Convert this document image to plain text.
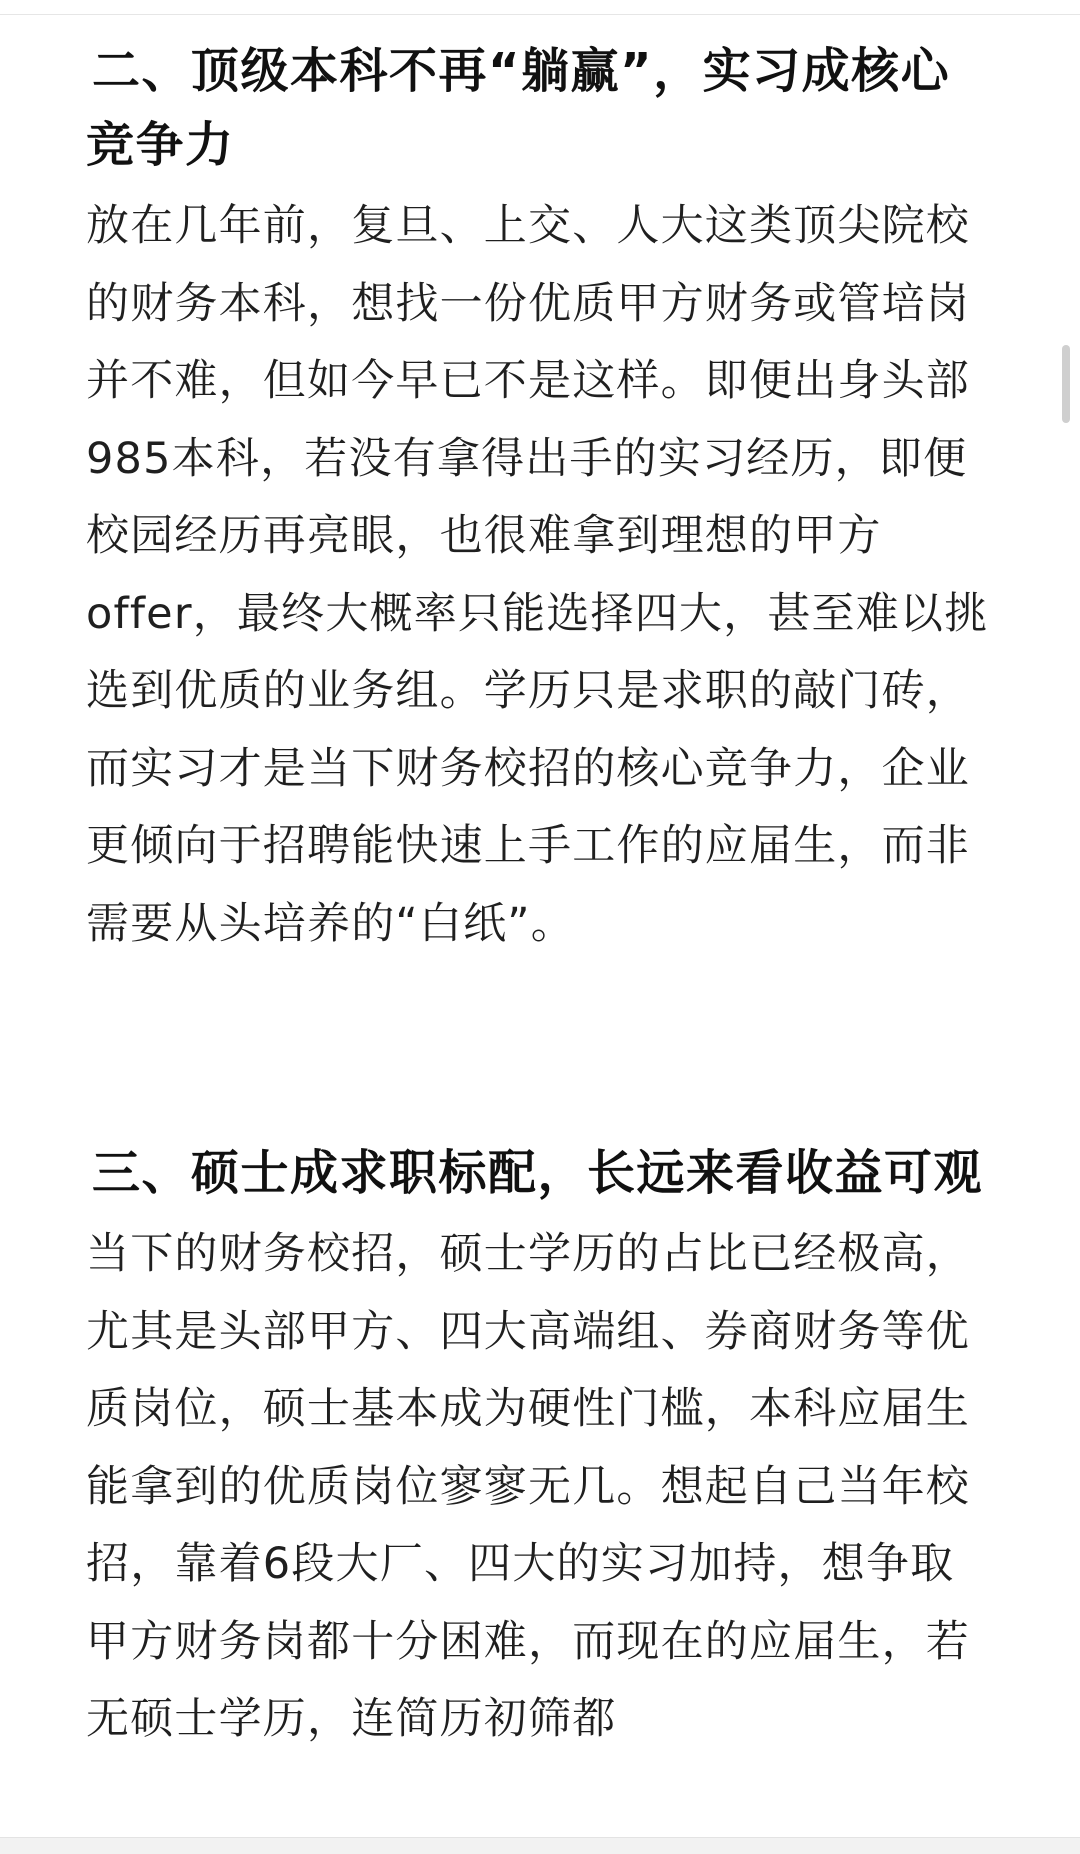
二、顶级本科不再“躺赢”，实习成核心竞争力

放在几年前，复旦、上交、人大这类顶尖院校的财务本科，想找一份优质甲方财务或管培岗并不难，但如今早已不是这样。即便出身头部985本科，若没有拿得出手的实习经历，即便校园经历再亮眼，也很难拿到理想的甲方offer，最终大概率只能选择四大，甚至难以挑选到优质的业务组。学历只是求职的敲门砖，而实习才是当下财务校招的核心竞争力，企业更倾向于招聘能快速上手工作的应届生，而非需要从头培养的“白纸”。

三、硕士成求职标配，长远来看收益可观

当下的财务校招，硕士学历的占比已经极高，尤其是头部甲方、四大高端组、券商财务等优质岗位，硕士基本成为硬性门槛，本科应届生能拿到的优质岗位寥寥无几。想起自己当年校招，靠着6段大厂、四大的实习加持，想争取甲方财务岗都十分困难，而现在的应届生，若无硕士学历，连简历初筛都
